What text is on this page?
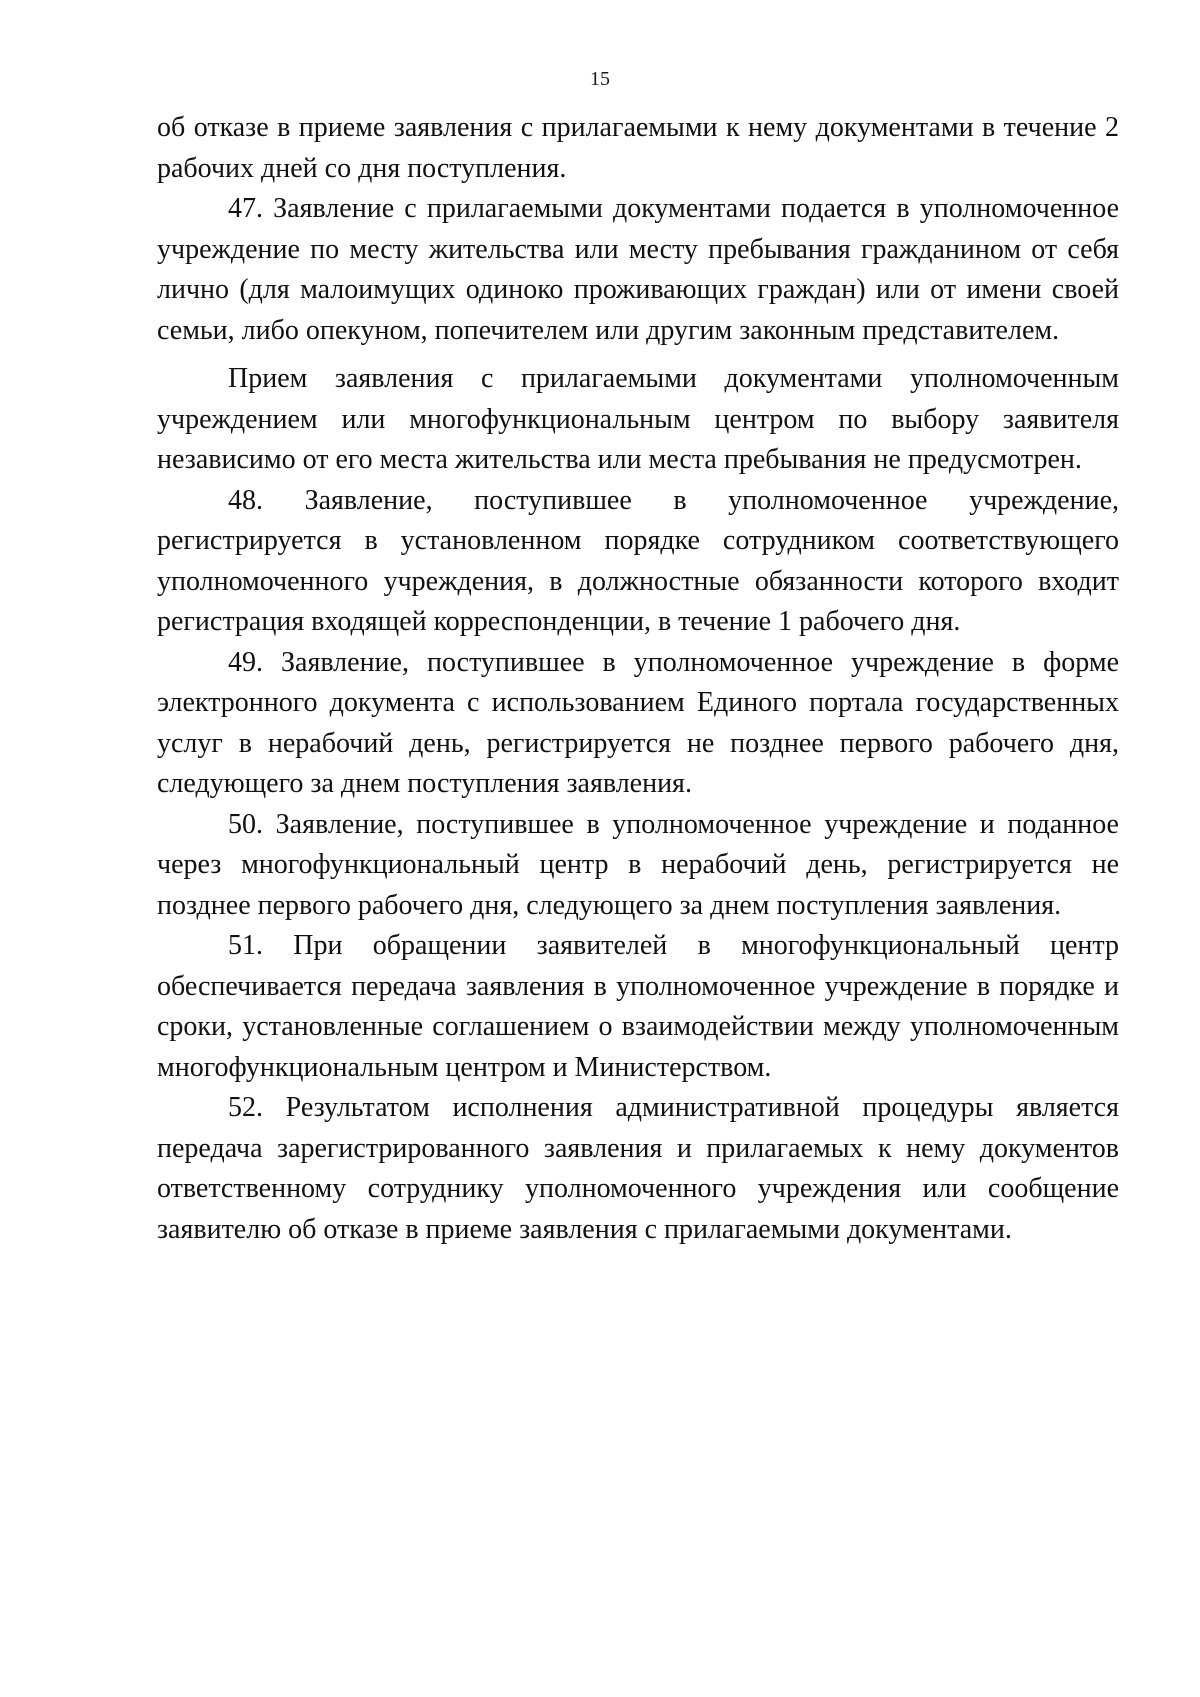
15

об отказе в приеме заявления с прилагаемыми к нему документами в течение 2 рабочих дней со дня поступления.

47. Заявление с прилагаемыми документами подается в уполномоченное учреждение по месту жительства или месту пребывания гражданином от себя лично (для малоимущих одиноко проживающих граждан) или от имени своей семьи, либо опекуном, попечителем или другим законным представителем.

Прием заявления с прилагаемыми документами уполномоченным учреждением или многофункциональным центром по выбору заявителя независимо от его места жительства или места пребывания не предусмотрен.

48. Заявление, поступившее в уполномоченное учреждение, регистрируется в установленном порядке сотрудником соответствующего уполномоченного учреждения, в должностные обязанности которого входит регистрация входящей корреспонденции, в течение 1 рабочего дня.

49. Заявление, поступившее в уполномоченное учреждение в форме электронного документа с использованием Единого портала государственных услуг в нерабочий день, регистрируется не позднее первого рабочего дня, следующего за днем поступления заявления.

50. Заявление, поступившее в уполномоченное учреждение и поданное через многофункциональный центр в нерабочий день, регистрируется не позднее первого рабочего дня, следующего за днем поступления заявления.

51. При обращении заявителей в многофункциональный центр обеспечивается передача заявления в уполномоченное учреждение в порядке и сроки, установленные соглашением о взаимодействии между уполномоченным многофункциональным центром и Министерством.

52. Результатом исполнения административной процедуры является передача зарегистрированного заявления и прилагаемых к нему документов ответственному сотруднику уполномоченного учреждения или сообщение заявителю об отказе в приеме заявления с прилагаемыми документами.
